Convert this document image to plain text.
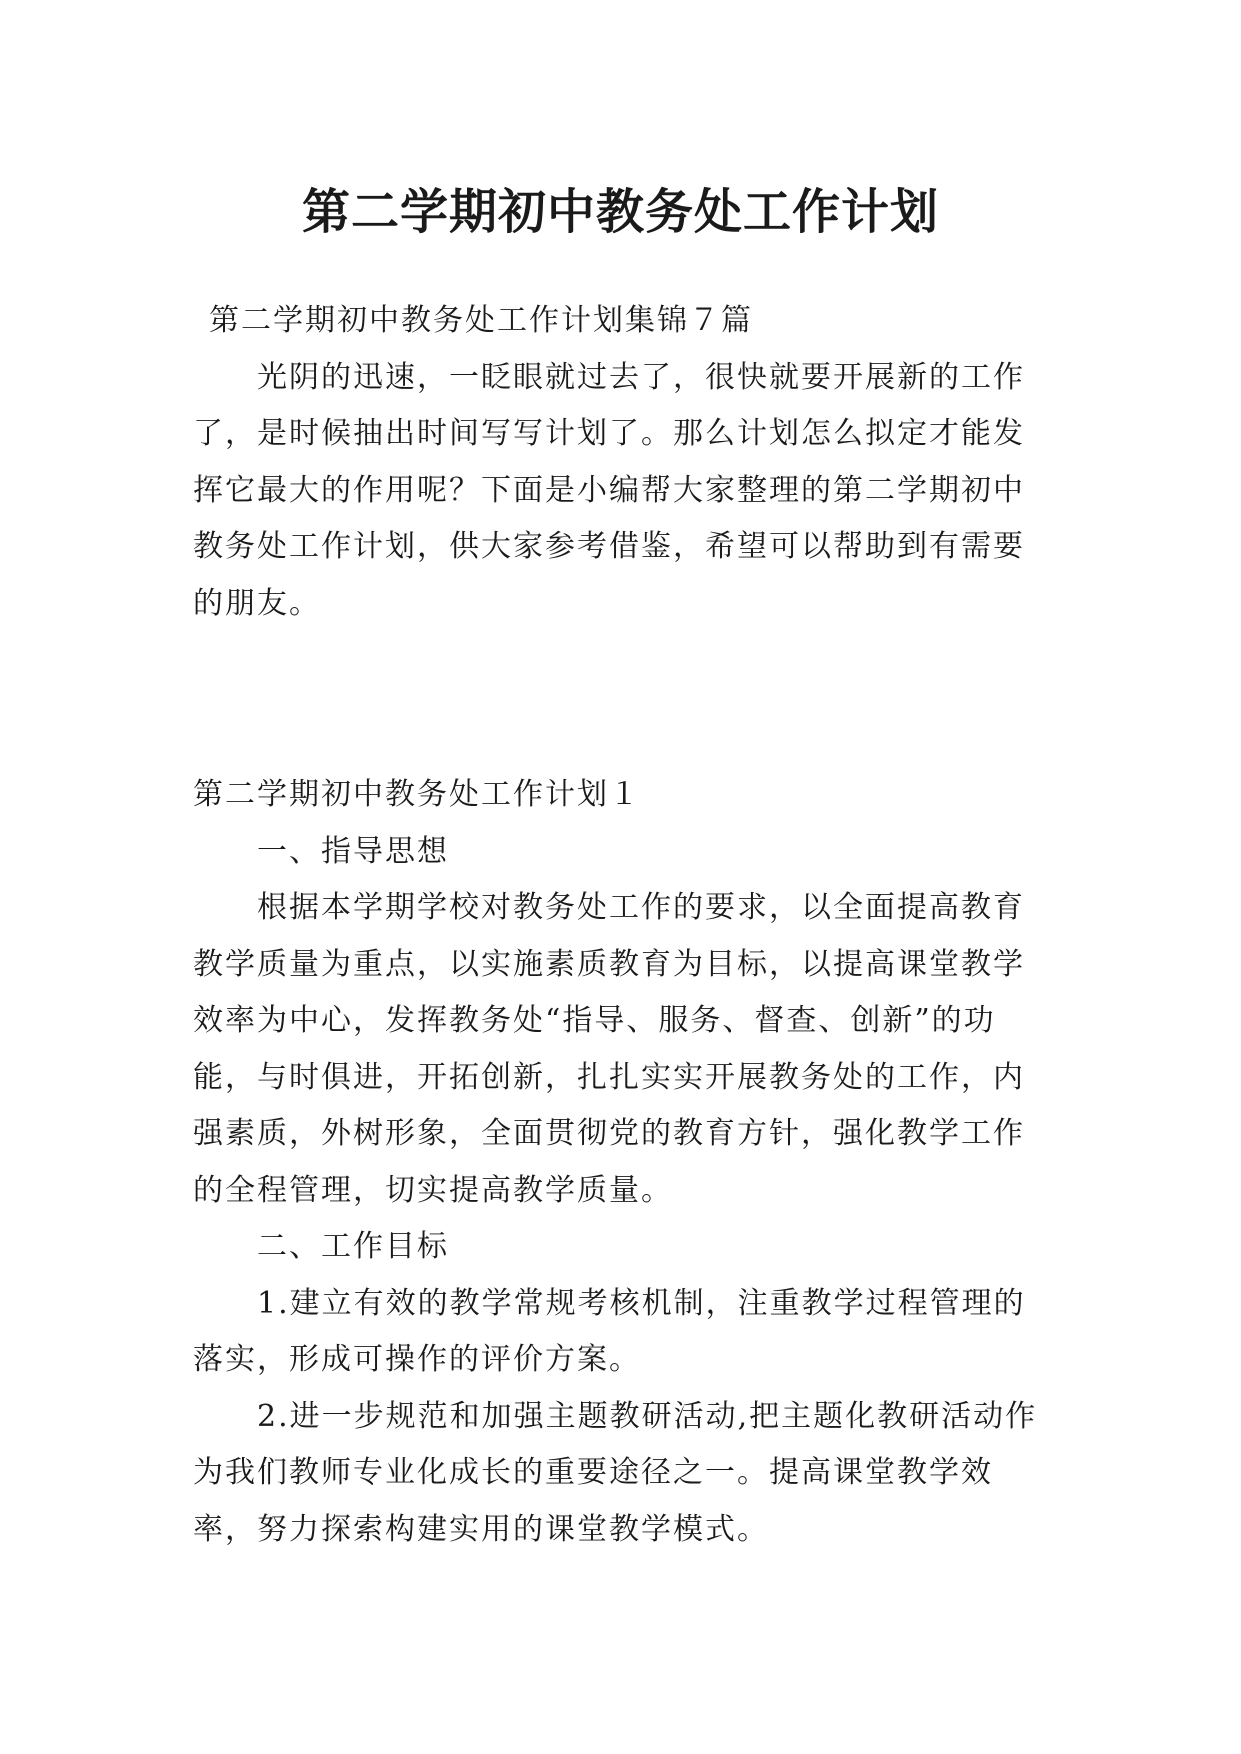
第二学期初中教务处工作计划

第二学期初中教务处工作计划集锦７篇

光阴的迅速，一眨眼就过去了，很快就要开展新的工作了，是时候抽出时间写写计划了。那么计划怎么拟定才能发挥它最大的作用呢？下面是小编帮大家整理的第二学期初中教务处工作计划，供大家参考借鉴，希望可以帮助到有需要的朋友。

第二学期初中教务处工作计划１

一、指导思想

根据本学期学校对教务处工作的要求，以全面提高教育教学质量为重点，以实施素质教育为目标，以提高课堂教学效率为中心，发挥教务处“指导、服务、督查、创新”的功能，与时俱进，开拓创新，扎扎实实开展教务处的工作，内强素质，外树形象，全面贯彻党的教育方针，强化教学工作的全程管理，切实提高教学质量。

二、工作目标

1.建立有效的教学常规考核机制，注重教学过程管理的落实，形成可操作的评价方案。

2.进一步规范和加强主题教研活动,把主题化教研活动作为我们教师专业化成长的重要途径之一。提高课堂教学效率，努力探索构建实用的课堂教学模式。
